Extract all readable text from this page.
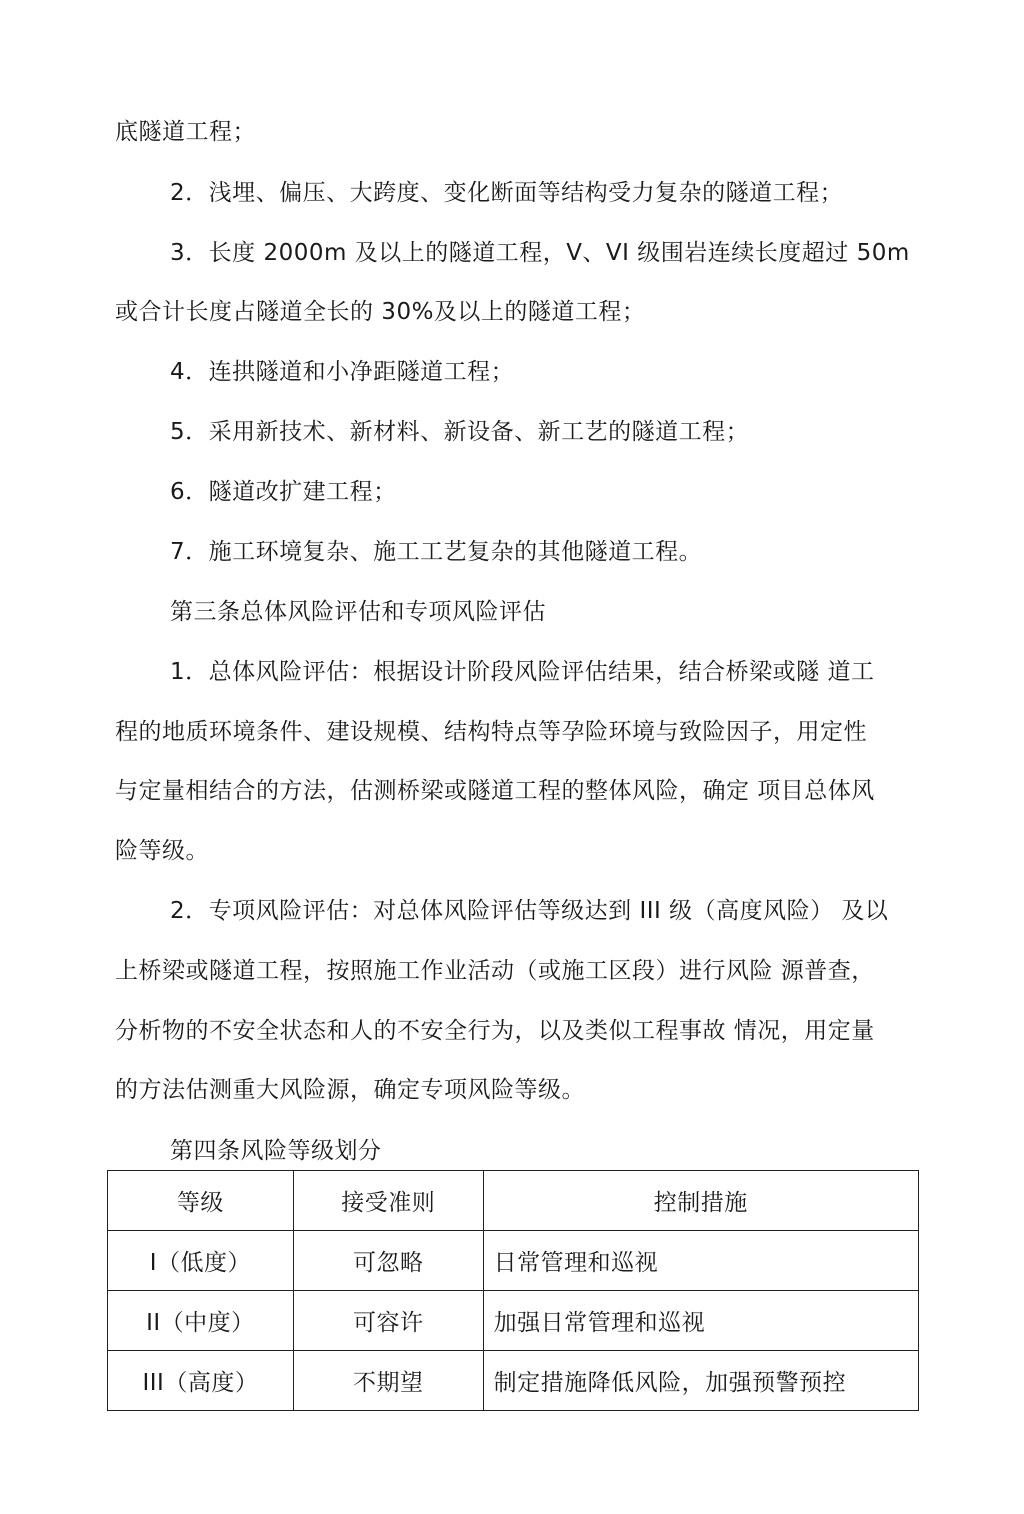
底隧道工程；
2．浅埋、偏压、大跨度、变化断面等结构受力复杂的隧道工程；
3．长度 2000m 及以上的隧道工程，V、VI 级围岩连续长度超过 50m
或合计长度占隧道全长的 30%及以上的隧道工程；
4．连拱隧道和小净距隧道工程；
5．采用新技术、新材料、新设备、新工艺的隧道工程；
6．隧道改扩建工程；
7．施工环境复杂、施工工艺复杂的其他隧道工程。
第三条总体风险评估和专项风险评估
1．总体风险评估：根据设计阶段风险评估结果，结合桥梁或隧 道工
程的地质环境条件、建设规模、结构特点等孕险环境与致险因子，用定性
与定量相结合的方法，估测桥梁或隧道工程的整体风险，确定 项目总体风
险等级。
2．专项风险评估：对总体风险评估等级达到 III 级（高度风险） 及以
上桥梁或隧道工程，按照施工作业活动（或施工区段）进行风险 源普查，
分析物的不安全状态和人的不安全行为，以及类似工程事故 情况，用定量
的方法估测重大风险源，确定专项风险等级。
第四条风险等级划分
等级	接受准则	控制措施
I（低度）	可忽略	日常管理和巡视
II（中度）	可容许	加强日常管理和巡视
III（高度）	不期望	制定措施降低风险，加强预警预控
